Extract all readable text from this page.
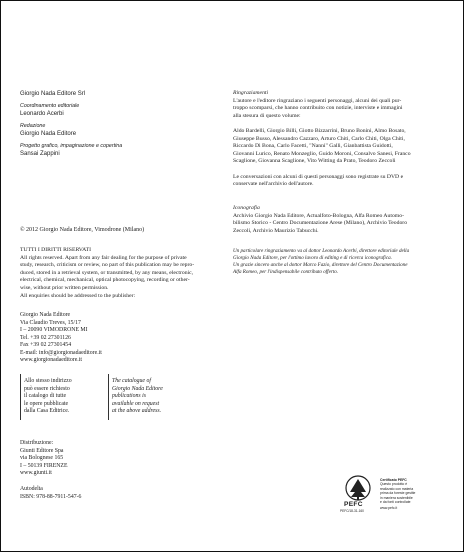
Giorgio Nada Editore Srl
Coordinamento editoriale
Leonardo Acerbi
Redazione
Giorgio Nada Editore
Progetto grafico, impaginazione e copertina
Sansai Zappini
© 2012 Giorgio Nada Editore, Vimodrone (Milano)
TUTTI I DIRITTI RISERVATI
All rights reserved. Apart from any fair dealing for the purpose of private
study, research, criticism or review, no part of this publication may be repro-
duced, stored in a retrieval system, or transmitted, by any means, electronic,
electrical, chemical, mechanical, optical photocopying, recording or other-
wise, without prior written permission.
All enquiries should be addressed to the publisher:
Giorgio Nada Editore
Via Claudio Treves, 15/17
I – 20090 VIMODRONE MI
Tel. +39 02 27301126
Fax +39 02 27301454
E-mail: info@giorgionadaeditore.it
www.giorgionadaeditore.it
Allo stesso indirizzo
può essere richiesto
il catalogo di tutte
le opere pubblicate
dalla Casa Editrice.
The catalogue of
Giorgio Nada Editore
publications is
available on request
at the above address.
Distribuzione:
Giunti Editore Spa
via Bolognese 165
I – 50139 FIRENZE
www.giunti.it
Autodelta
ISBN: 978-88-7911-547-6
Ringraziamenti
L'autore e l'editore ringraziano i seguenti personaggi, alcuni dei quali pur-
troppo scomparsi, che hanno contribuito con notizie, interviste e immagini
alla stesura di questo volume:
Aldo Bardelli, Giorgio Billi, Giotto Bizzarrini, Bruno Bonini, Almo Bosato,
Giuseppe Busso, Alessandro Cazzaro, Arturo Chiti, Carlo Chiti, Olga Chiti,
Riccardo Di Bona, Carlo Facetti, "Nanni" Galli, Gianbattista Guidotti,
Giovanni Lurico, Renato Monzeglio, Guido Moroni, Consalvo Sanesi, Franco
Scaglione, Giovanna Scaglione, Vito Witting da Prato, Teodoro Zeccoli
Le conversazioni con alcuni di questi personaggi sono registrate su DVD e
conservate nell'archivio dell'autore.
Iconografia
Archivio Giorgio Nada Editore, Actualfoto-Bologna, Alfa Romeo Automo-
bilismo Storico - Centro Documentazione Arese (Milano), Archivio Teodoro
Zeccoli, Archivio Maurizio Tabucchi.
Un particolare ringraziamento va al dottor Leonardo Acerbi, direttore editoriale della
Giorgio Nada Editore, per l'ottimo lavoro di editing e di ricerca iconografica.
Un grazie sincero anche al dottor Marco Fazio, direttore del Centro Documentazione
Alfa Romeo, per l'indispensabile contributo offerto.
PEFC
PEFC/18-31-160
Certificato PEFC
Questo prodotto è
realizzato con materia
prima da foreste gestite
in maniera sostenibile
e da fonti controllate
www.pefc.it
